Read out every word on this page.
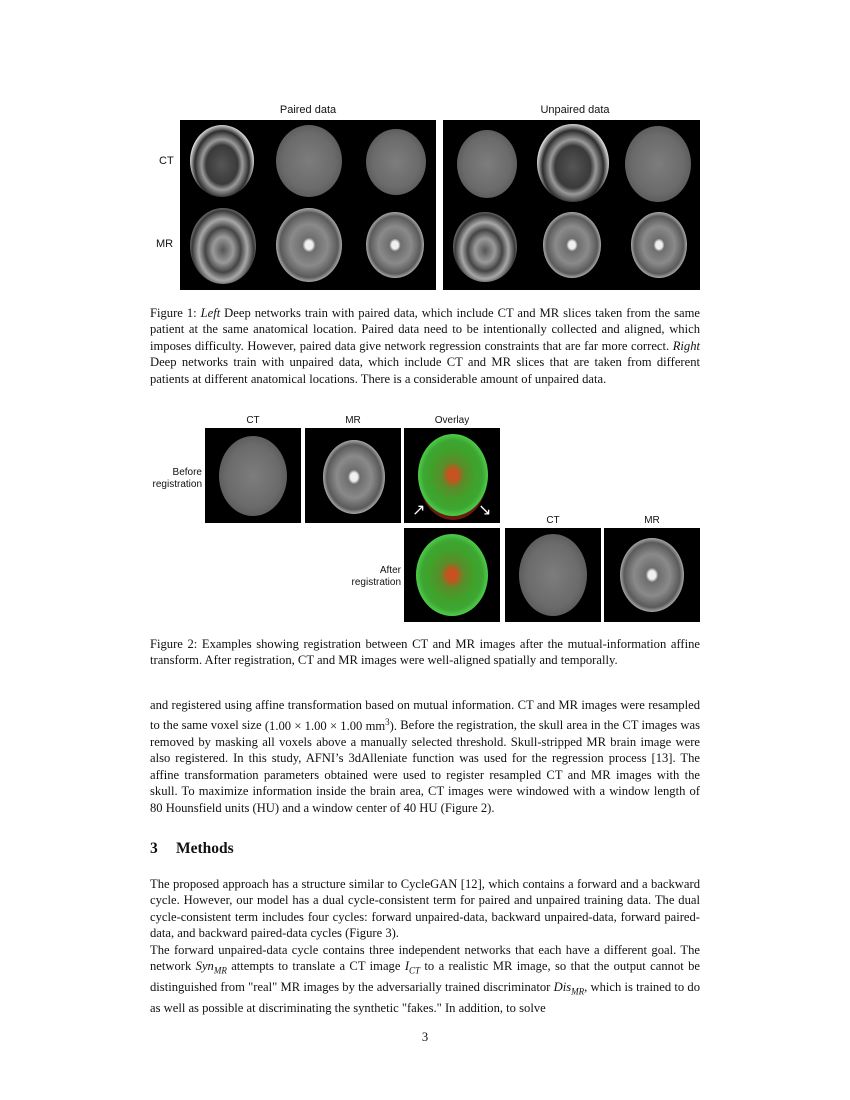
Paired data	Unpaired data
CT
MR

Figure 1: Left Deep networks train with paired data, which include CT and MR slices taken from the same patient at the same anatomical location. Paired data need to be intentionally collected and aligned, which imposes difficulty. However, paired data give network regression constraints that are far more correct. Right Deep networks train with unpaired data, which include CT and MR slices that are taken from different patients at different anatomical locations. There is a considerable amount of unpaired data.

CT	MR	Overlay
Before
registration
↗	↘
CT	MR
After
registration

Figure 2: Examples showing registration between CT and MR images after the mutual-information affine transform. After registration, CT and MR images were well-aligned spatially and temporally.

and registered using affine transformation based on mutual information. CT and MR images were resampled to the same voxel size (1.00 × 1.00 × 1.00 $mm^3$). Before the registration, the skull area in the CT images was removed by masking all voxels above a manually selected threshold. Skull-stripped MR brain image were also registered. In this study, AFNI’s 3dAlleniate function was used for the regression process [13]. The affine transformation parameters obtained were used to register resampled CT and MR images with the skull. To maximize information inside the brain area, CT images were windowed with a window length of 80 Hounsfield units (HU) and a window center of 40 HU (Figure 2).

3 Methods

The proposed approach has a structure similar to CycleGAN [12], which contains a forward and a backward cycle. However, our model has a dual cycle-consistent term for paired and unpaired training data. The dual cycle-consistent term includes four cycles: forward unpaired-data, backward unpaired-data, forward paired-data, and backward paired-data cycles (Figure 3).

The forward unpaired-data cycle contains three independent networks that each have a different goal. The network Syn$_{MR}$ attempts to translate a CT image $I_{CT}$ to a realistic MR image, so that the output cannot be distinguished from "real" MR images by the adversarially trained discriminator Dis$_{MR}$, which is trained to do as well as possible at discriminating the synthetic "fakes." In addition, to solve

3
